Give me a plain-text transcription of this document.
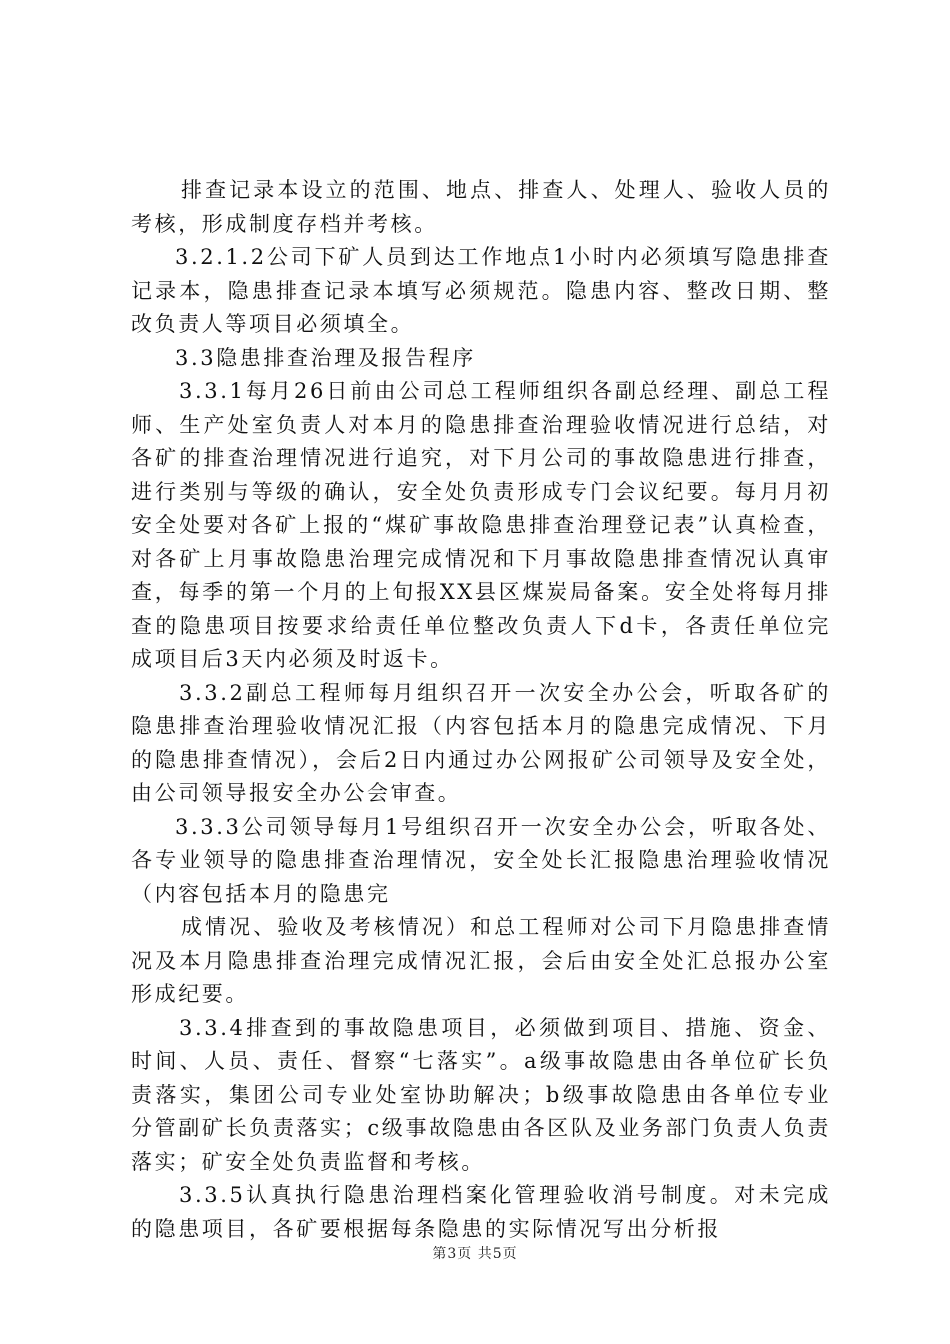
排查记录本设立的范围、地点、排查人、处理人、验收人员的考核，形成制度存档并考核。

3.2.1.2公司下矿人员到达工作地点1小时内必须填写隐患排查记录本，隐患排查记录本填写必须规范。隐患内容、整改日期、整改负责人等项目必须填全。

3.3隐患排查治理及报告程序

3.3.1每月26日前由公司总工程师组织各副总经理、副总工程师、生产处室负责人对本月的隐患排查治理验收情况进行总结，对各矿的排查治理情况进行追究，对下月公司的事故隐患进行排查，进行类别与等级的确认，安全处负责形成专门会议纪要。每月月初安全处要对各矿上报的“煤矿事故隐患排查治理登记表”认真检查，对各矿上月事故隐患治理完成情况和下月事故隐患排查情况认真审查，每季的第一个月的上旬报XX县区煤炭局备案。安全处将每月排查的隐患项目按要求给责任单位整改负责人下d卡，各责任单位完成项目后3天内必须及时返卡。

3.3.2副总工程师每月组织召开一次安全办公会，听取各矿的隐患排查治理验收情况汇报（内容包括本月的隐患完成情况、下月的隐患排查情况），会后2日内通过办公网报矿公司领导及安全处，由公司领导报安全办公会审查。

3.3.3公司领导每月1号组织召开一次安全办公会，听取各处、各专业领导的隐患排查治理情况，安全处长汇报隐患治理验收情况（内容包括本月的隐患完

成情况、验收及考核情况）和总工程师对公司下月隐患排查情况及本月隐患排查治理完成情况汇报，会后由安全处汇总报办公室形成纪要。

3.3.4排查到的事故隐患项目，必须做到项目、措施、资金、时间、人员、责任、督察“七落实”。a级事故隐患由各单位矿长负责落实，集团公司专业处室协助解决；b级事故隐患由各单位专业分管副矿长负责落实；c级事故隐患由各区队及业务部门负责人负责落实；矿安全处负责监督和考核。

3.3.5认真执行隐患治理档案化管理验收消号制度。对未完成的隐患项目，各矿要根据每条隐患的实际情况写出分析报

第3页 共5页
